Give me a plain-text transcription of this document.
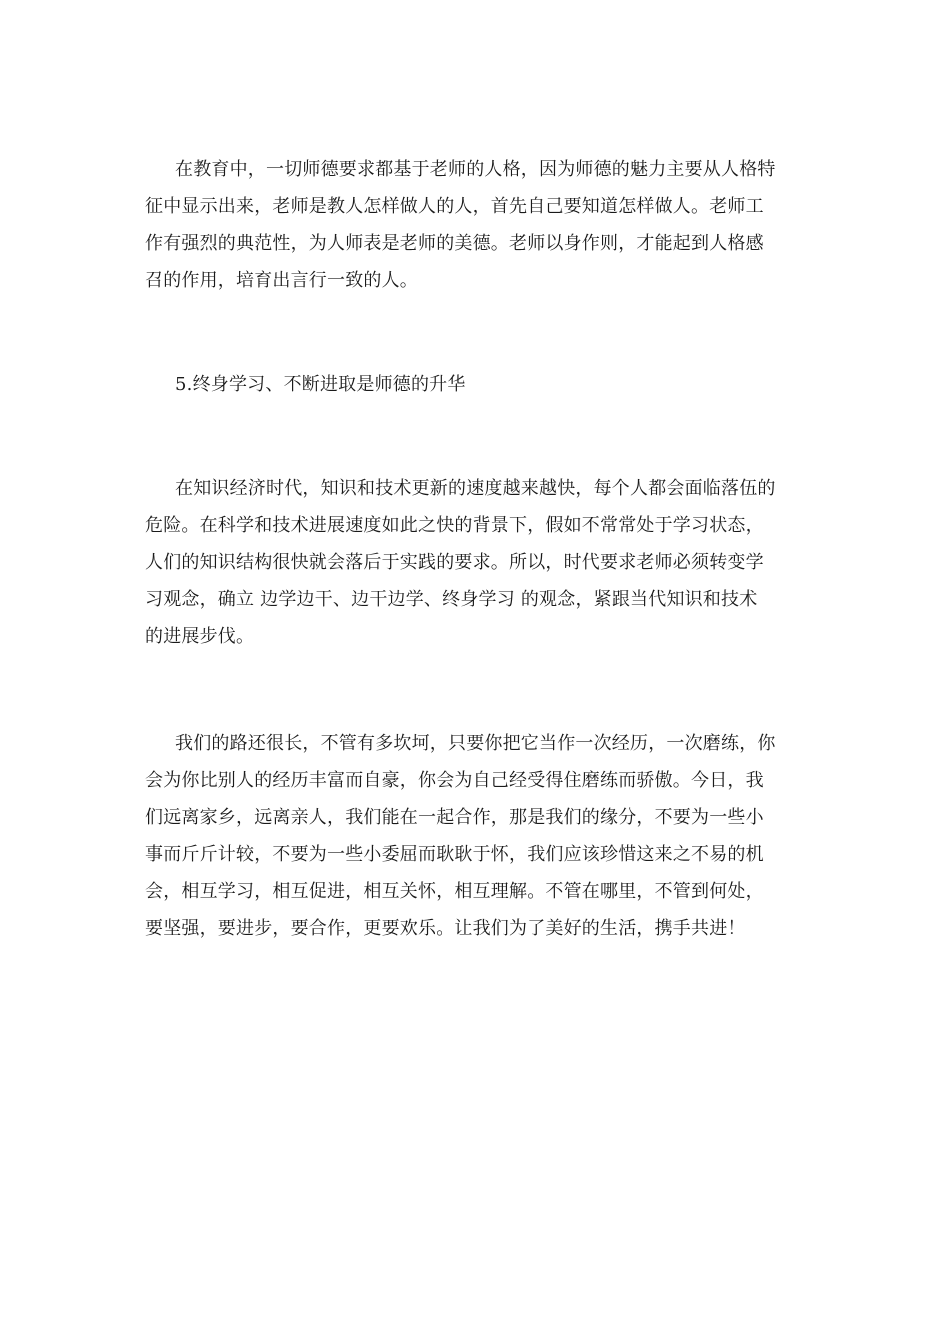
在教育中，一切师德要求都基于老师的人格，因为师德的魅力主要从人格特
征中显示出来，老师是教人怎样做人的人，首先自己要知道怎样做人。老师工
作有强烈的典范性，为人师表是老师的美德。老师以身作则，才能起到人格感
召的作用，培育出言行一致的人。
5.终身学习、不断进取是师德的升华
在知识经济时代，知识和技术更新的速度越来越快，每个人都会面临落伍的
危险。在科学和技术进展速度如此之快的背景下，假如不常常处于学习状态，
人们的知识结构很快就会落后于实践的要求。所以，时代要求老师必须转变学
习观念，确立 边学边干、边干边学、终身学习 的观念，紧跟当代知识和技术
的进展步伐。
我们的路还很长，不管有多坎坷，只要你把它当作一次经历，一次磨练，你
会为你比别人的经历丰富而自豪，你会为自己经受得住磨练而骄傲。今日，我
们远离家乡，远离亲人，我们能在一起合作，那是我们的缘分，不要为一些小
事而斤斤计较，不要为一些小委屈而耿耿于怀，我们应该珍惜这来之不易的机
会，相互学习，相互促进，相互关怀，相互理解。不管在哪里，不管到何处，
要坚强，要进步，要合作，更要欢乐。让我们为了美好的生活，携手共进！
